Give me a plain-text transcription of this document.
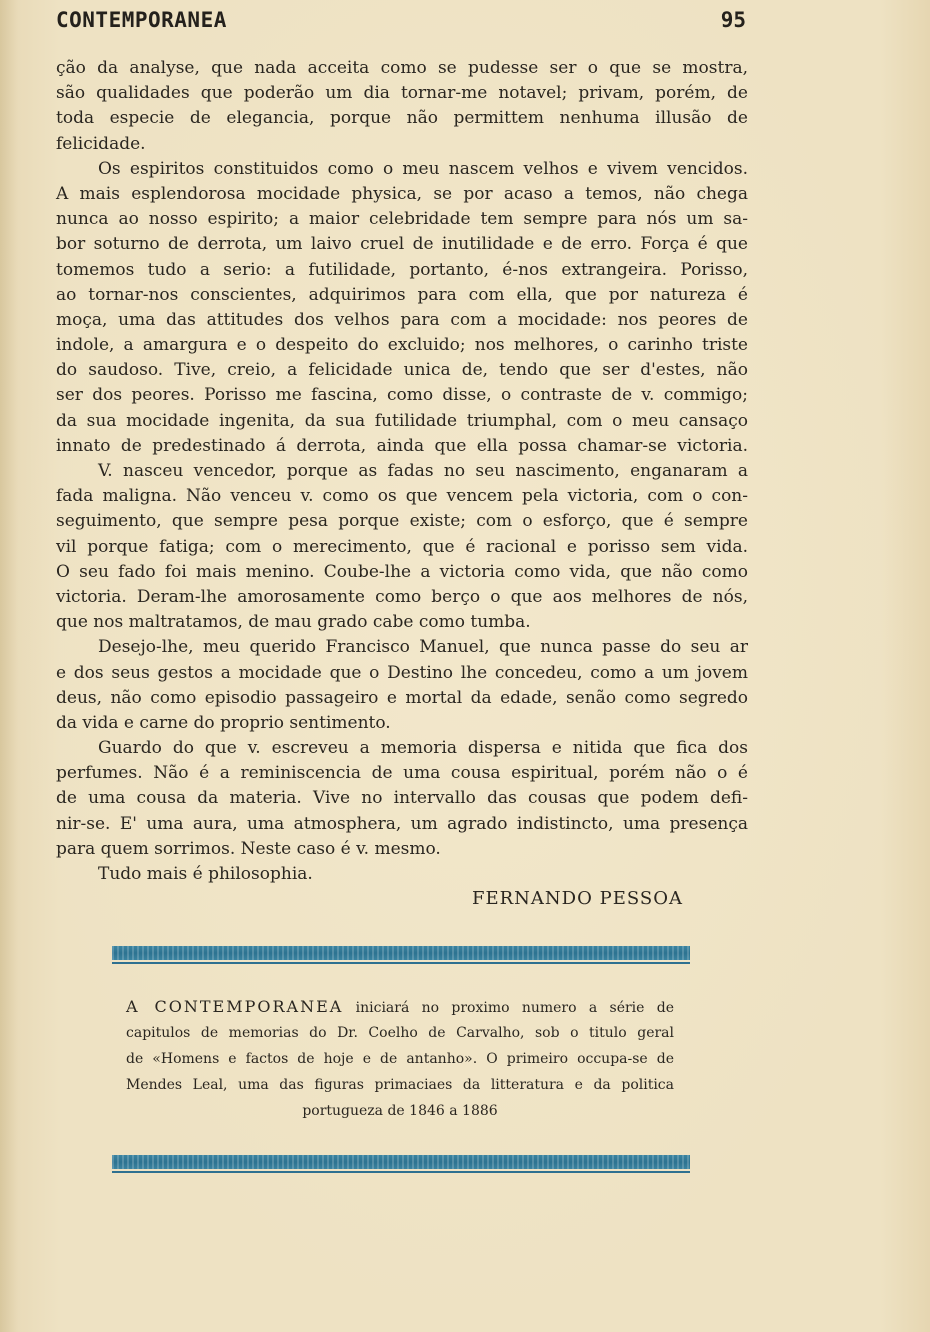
CONTEMPORANEA	95
ção da analyse, que nada acceita como se pudesse ser o que se mostra,
são qualidades que poderão um dia tornar-me notavel; privam, porém, de
toda especie de elegancia, porque não permittem nenhuma illusão de
felicidade.
Os espiritos constituidos como o meu nascem velhos e vivem vencidos.
A mais esplendorosa mocidade physica, se por acaso a temos, não chega
nunca ao nosso espirito; a maior celebridade tem sempre para nós um sa-
bor soturno de derrota, um laivo cruel de inutilidade e de erro. Força é que
tomemos tudo a serio: a futilidade, portanto, é-nos extrangeira. Porisso,
ao tornar-nos conscientes, adquirimos para com ella, que por natureza é
moça, uma das attitudes dos velhos para com a mocidade: nos peores de
indole, a amargura e o despeito do excluido; nos melhores, o carinho triste
do saudoso. Tive, creio, a felicidade unica de, tendo que ser d'estes, não
ser dos peores. Porisso me fascina, como disse, o contraste de v. commigo;
da sua mocidade ingenita, da sua futilidade triumphal, com o meu cansaço
innato de predestinado á derrota, ainda que ella possa chamar-se victoria.
V. nasceu vencedor, porque as fadas no seu nascimento, enganaram a
fada maligna. Não venceu v. como os que vencem pela victoria, com o con-
seguimento, que sempre pesa porque existe; com o esforço, que é sempre
vil porque fatiga; com o merecimento, que é racional e porisso sem vida.
O seu fado foi mais menino. Coube-lhe a victoria como vida, que não como
victoria. Deram-lhe amorosamente como berço o que aos melhores de nós,
que nos maltratamos, de mau grado cabe como tumba.
Desejo-lhe, meu querido Francisco Manuel, que nunca passe do seu ar
e dos seus gestos a mocidade que o Destino lhe concedeu, como a um jovem
deus, não como episodio passageiro e mortal da edade, senão como segredo
da vida e carne do proprio sentimento.
Guardo do que v. escreveu a memoria dispersa e nitida que fica dos
perfumes. Não é a reminiscencia de uma cousa espiritual, porém não o é
de uma cousa da materia. Vive no intervallo das cousas que podem defi-
nir-se. E' uma aura, uma atmosphera, um agrado indistincto, uma presença
para quem sorrimos. Neste caso é v. mesmo.
Tudo mais é philosophia.
FERNANDO PESSOA
A CONTEMPORANEA iniciará no proximo numero a série de
capitulos de memorias do Dr. Coelho de Carvalho, sob o titulo geral
de «Homens e factos de hoje e de antanho». O primeiro occupa-se de
Mendes Leal, uma das figuras primaciaes da litteratura e da politica
portugueza de 1846 a 1886
